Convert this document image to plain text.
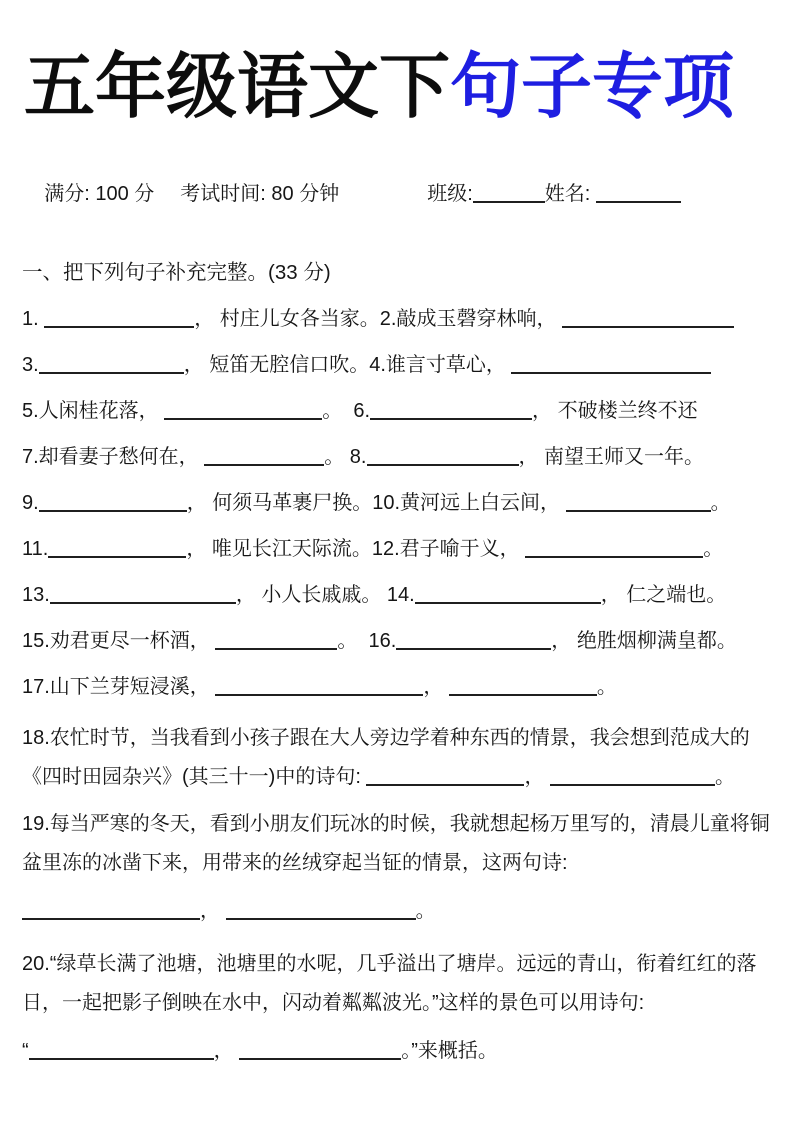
五年级语文下句子专项

满分: 100 分 考试时间: 80 分钟	班级:	姓名:

一、把下列句子补充完整。(33 分)
1.	， 村庄儿女各当家。2.敲成玉磬穿林响，
3.	， 短笛无腔信口吹。4.谁言寸草心，
5.人闲桂花落，	。  6.	， 不破楼兰终不还
7.却看妻子愁何在，	。 8.	， 南望王师又一年。
9.	， 何须马革裹尸换。10.黄河远上白云间，	。
11.	， 唯见长江天际流。12.君子喻于义，	。
13.	， 小人长戚戚。 14.	， 仁之端也。
15.劝君更尽一杯酒，	。  16.	， 绝胜烟柳满皇都。
17.山下兰芽短浸溪，	，	。
18.农忙时节，当我看到小孩子跟在大人旁边学着种东西的情景，我会想到范成大的《四时田园杂兴》(其三十一)中的诗句:	，	。
19.每当严寒的冬天，看到小朋友们玩冰的时候，我就想起杨万里写的，清晨儿童将铜盆里冻的冰凿下来，用带来的丝绒穿起当钲的情景，这两句诗:
，	。
20.“绿草长满了池塘，池塘里的水呢，几乎溢出了塘岸。远远的青山，衔着红红的落日，一起把影子倒映在水中，闪动着粼粼波光。”这样的景色可以用诗句:
“	，	。”来概括。
